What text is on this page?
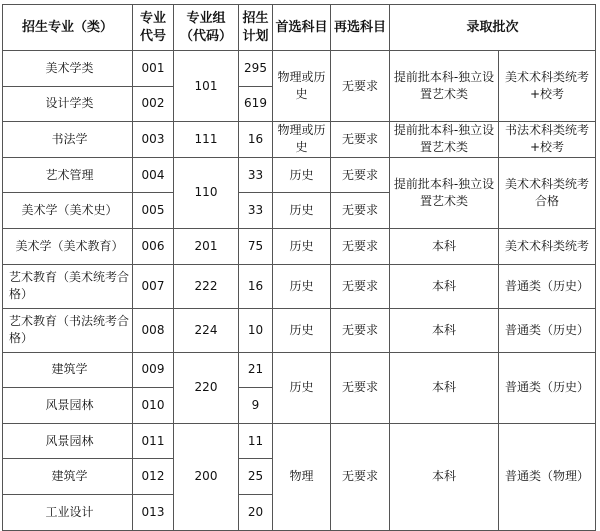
招生专业（类）	专业代号	专业组（代码）	招生计划	首选科目	再选科目	录取批次	
美术学类	001	101	295	物理或历史	无要求	提前批本科-独立设置艺术类	美术术科类统考+校考
设计学类	002		619				
书法学	003	111	16	物理或历史	无要求	提前批本科-独立设置艺术类	书法术科类统考+校考
艺术管理	004	110	33	历史	无要求	提前批本科-独立设置艺术类	美术术科类统考合格
美术学（美术史）	005		33	历史	无要求		
美术学（美术教育）	006	201	75	历史	无要求	本科	美术术科类统考
艺术教育（美术统考合格）	007	222	16	历史	无要求	本科	普通类（历史）
艺术教育（书法统考合格）	008	224	10	历史	无要求	本科	普通类（历史）
建筑学	009	220	21	历史	无要求	本科	普通类（历史）
风景园林	010		9				
风景园林	011	200	11	物理	无要求	本科	普通类（物理）
建筑学	012		25				
工业设计	013		20				
